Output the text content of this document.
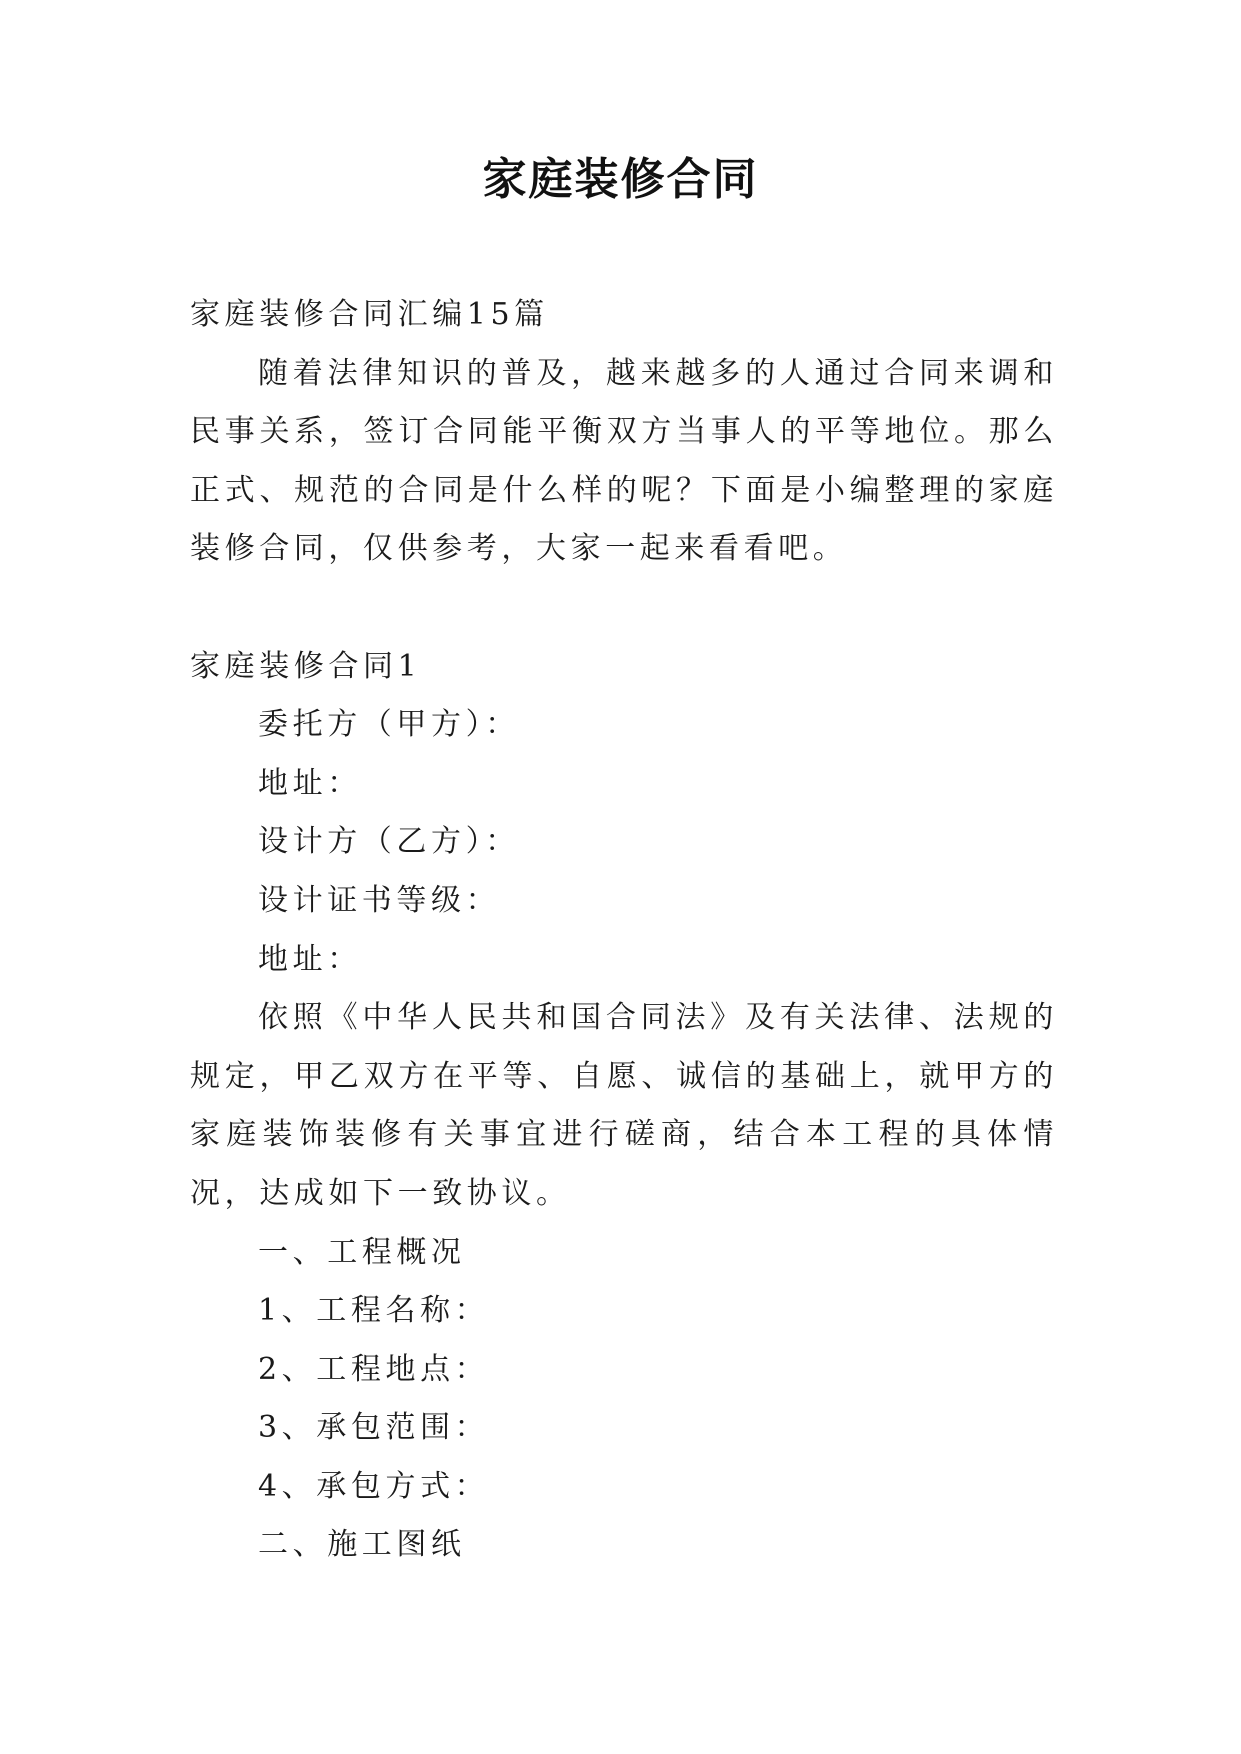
家庭装修合同

家庭装修合同汇编15篇

随着法律知识的普及，越来越多的人通过合同来调和民事关系，签订合同能平衡双方当事人的平等地位。那么正式、规范的合同是什么样的呢？下面是小编整理的家庭装修合同，仅供参考，大家一起来看看吧。

家庭装修合同1

委托方（甲方）：

地址：

设计方（乙方）：

设计证书等级：

地址：

依照《中华人民共和国合同法》及有关法律、法规的规定，甲乙双方在平等、自愿、诚信的基础上，就甲方的家庭装饰装修有关事宜进行磋商，结合本工程的具体情况，达成如下一致协议。

一、工程概况

1、工程名称：

2、工程地点：

3、承包范围：

4、承包方式：

二、施工图纸
